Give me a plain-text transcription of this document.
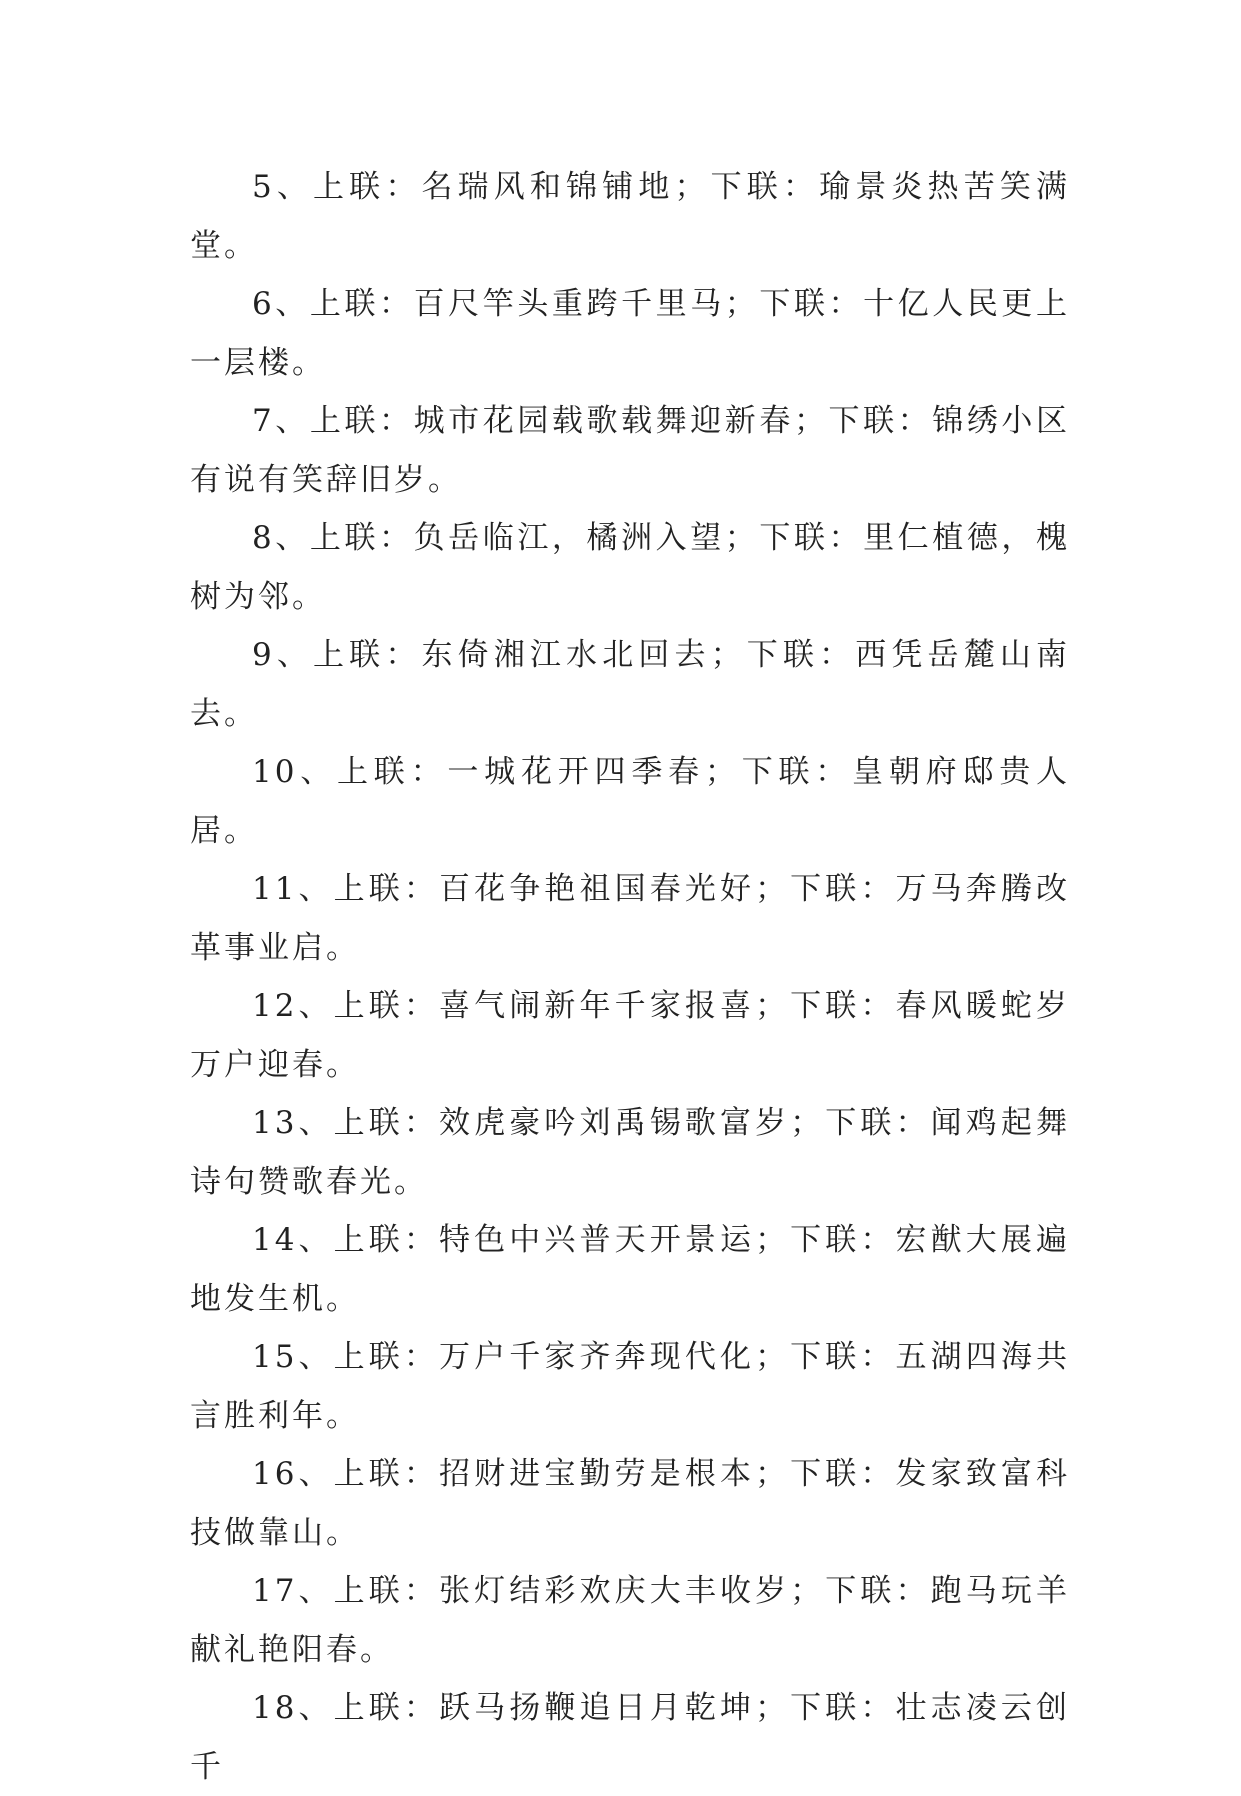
5、上联：名瑞风和锦铺地；下联：瑜景炎热苦笑满堂。

6、上联：百尺竿头重跨千里马；下联：十亿人民更上一层楼。

7、上联：城市花园载歌载舞迎新春；下联：锦绣小区有说有笑辞旧岁。

8、上联：负岳临江，橘洲入望；下联：里仁植德，槐树为邻。

9、上联：东倚湘江水北回去；下联：西凭岳麓山南去。

10、上联：一城花开四季春；下联：皇朝府邸贵人居。

11、上联：百花争艳祖国春光好；下联：万马奔腾改革事业启。

12、上联：喜气闹新年千家报喜；下联：春风暖蛇岁万户迎春。

13、上联：效虎豪吟刘禹锡歌富岁；下联：闻鸡起舞诗句赞歌春光。

14、上联：特色中兴普天开景运；下联：宏猷大展遍地发生机。

15、上联：万户千家齐奔现代化；下联：五湖四海共言胜利年。

16、上联：招财进宝勤劳是根本；下联：发家致富科技做靠山。

17、上联：张灯结彩欢庆大丰收岁；下联：跑马玩羊献礼艳阳春。

18、上联：跃马扬鞭追日月乾坤；下联：壮志凌云创千
